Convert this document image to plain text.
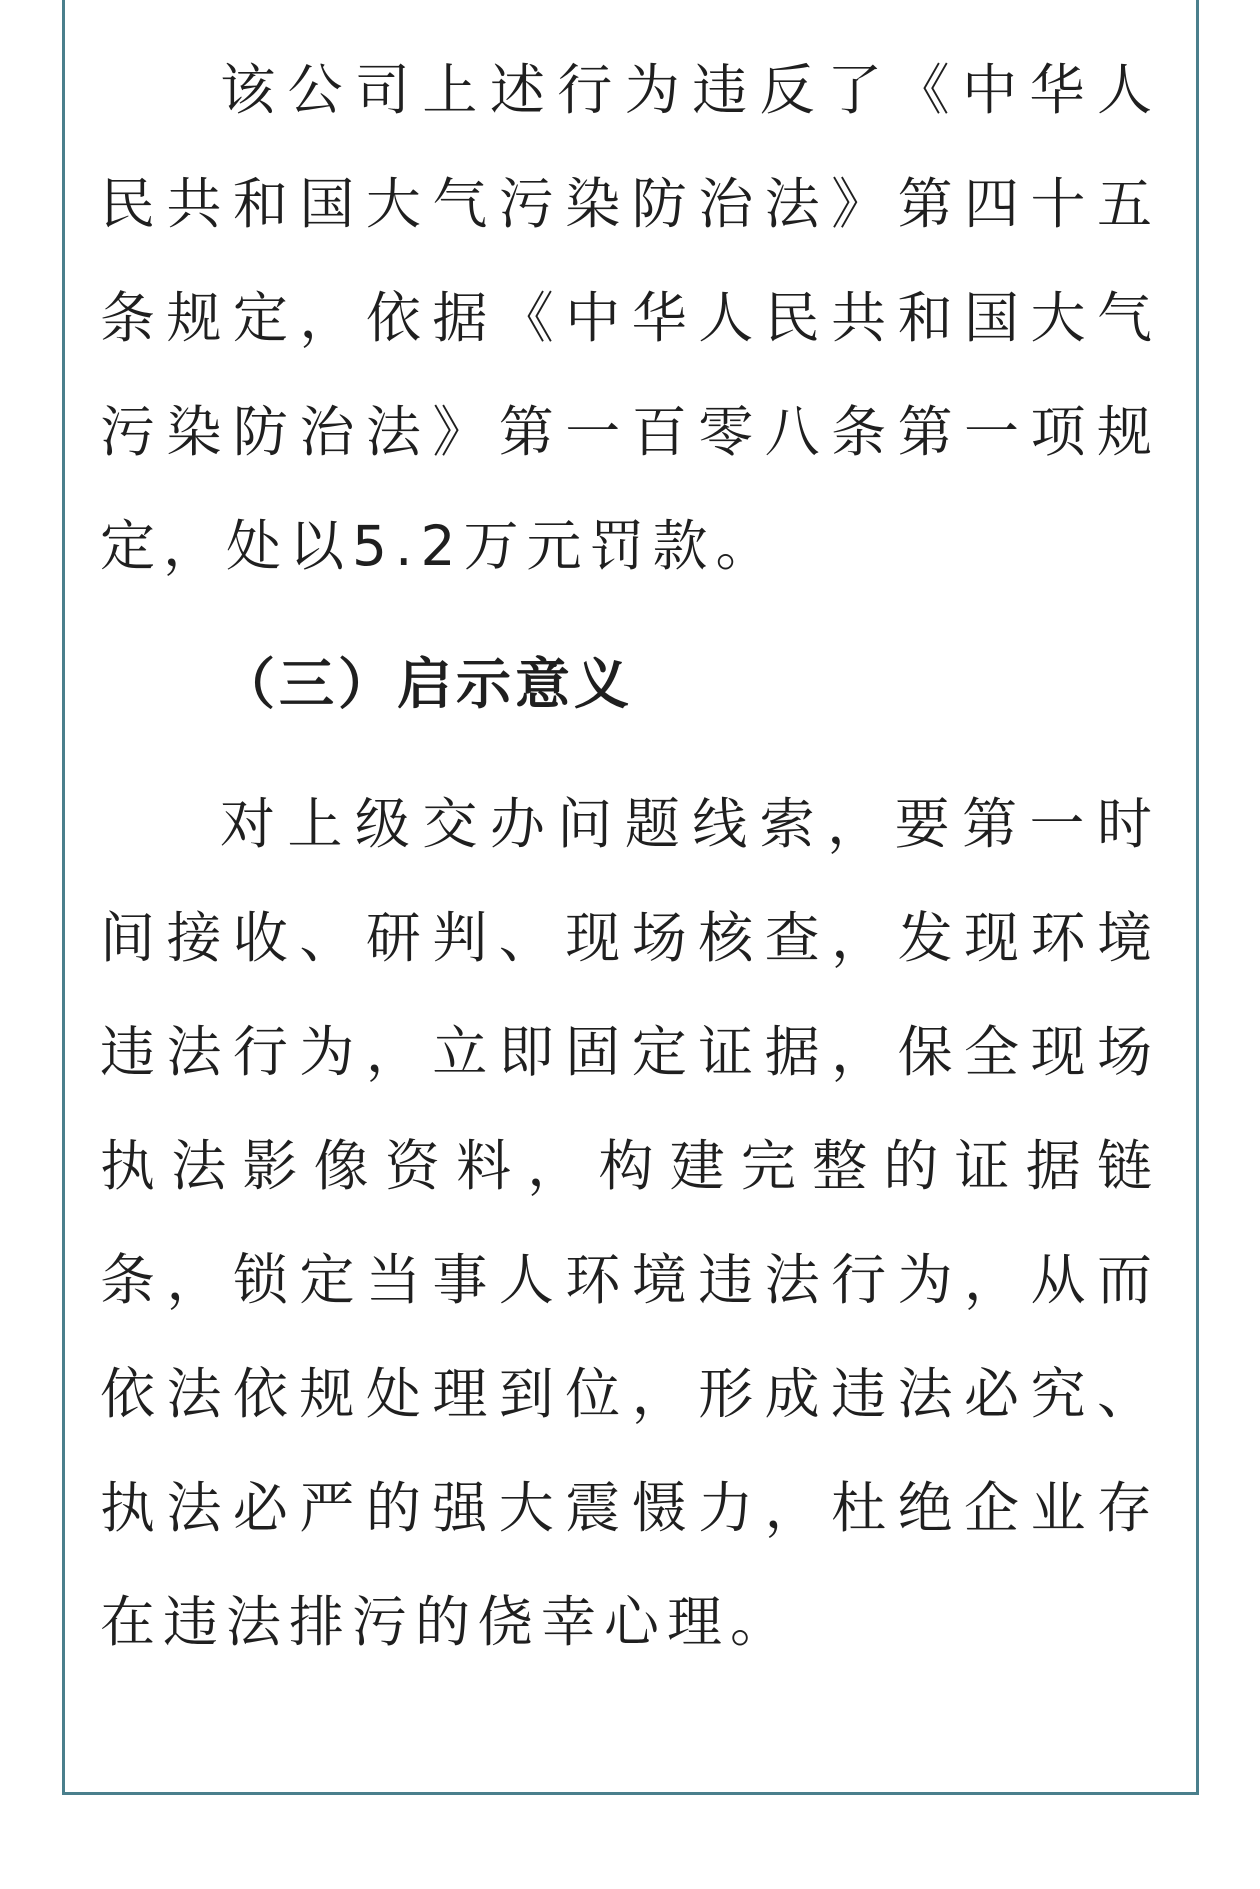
该公司上述行为违反了《中华人民共和国大气污染防治法》第四十五条规定，依据《中华人民共和国大气污染防治法》第一百零八条第一项规定，处以5.2万元罚款。

（三）启示意义

对上级交办问题线索，要第一时间接收、研判、现场核查，发现环境违法行为，立即固定证据，保全现场执法影像资料，构建完整的证据链条，锁定当事人环境违法行为，从而依法依规处理到位，形成违法必究、执法必严的强大震慑力，杜绝企业存在违法排污的侥幸心理。
